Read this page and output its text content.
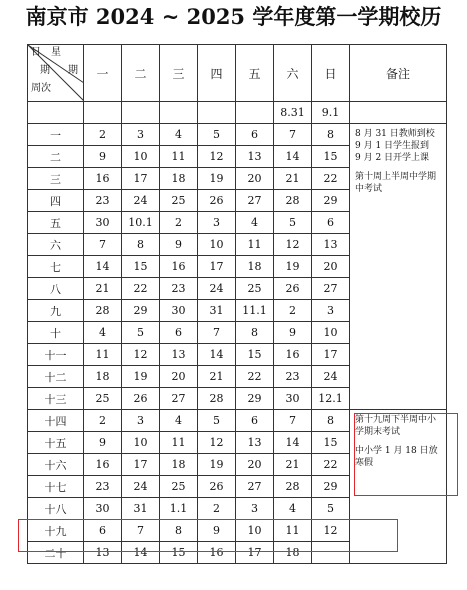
南京市 2024 ~ 2025 学年度第一学期校历
日　星
期 期
周次	一	二	三	四	五	六	日	备注
						8.31	9.1	
一	2	3	4	5	6	7	8	8 月 31 日教师到校
9 月 1 日学生报到
9 月 2 日开学上课

第十周上半周中学期中考试

二	9	10	11	12	13	14	15	
三	16	17	18	19	20	21	22	
四	23	24	25	26	27	28	29	
五	30	10.1	2	3	4	5	6	
六	7	8	9	10	11	12	13	
七	14	15	16	17	18	19	20	
八	21	22	23	24	25	26	27	
九	28	29	30	31	11.1	2	3	
十	4	5	6	7	8	9	10	
十一	11	12	13	14	15	16	17	
十二	18	19	20	21	22	23	24	
十三	25	26	27	28	29	30	12.1	
十四	2	3	4	5	6	7	8	第十九周下半周中小学期末考试

中小学 1 月 18 日放寒假

十五	9	10	11	12	13	14	15	
十六	16	17	18	19	20	21	22	
十七	23	24	25	26	27	28	29	
十八	30	31	1.1	2	3	4	5	
十九	6	7	8	9	10	11	12	
二十	13	14	15	16	17	18		
